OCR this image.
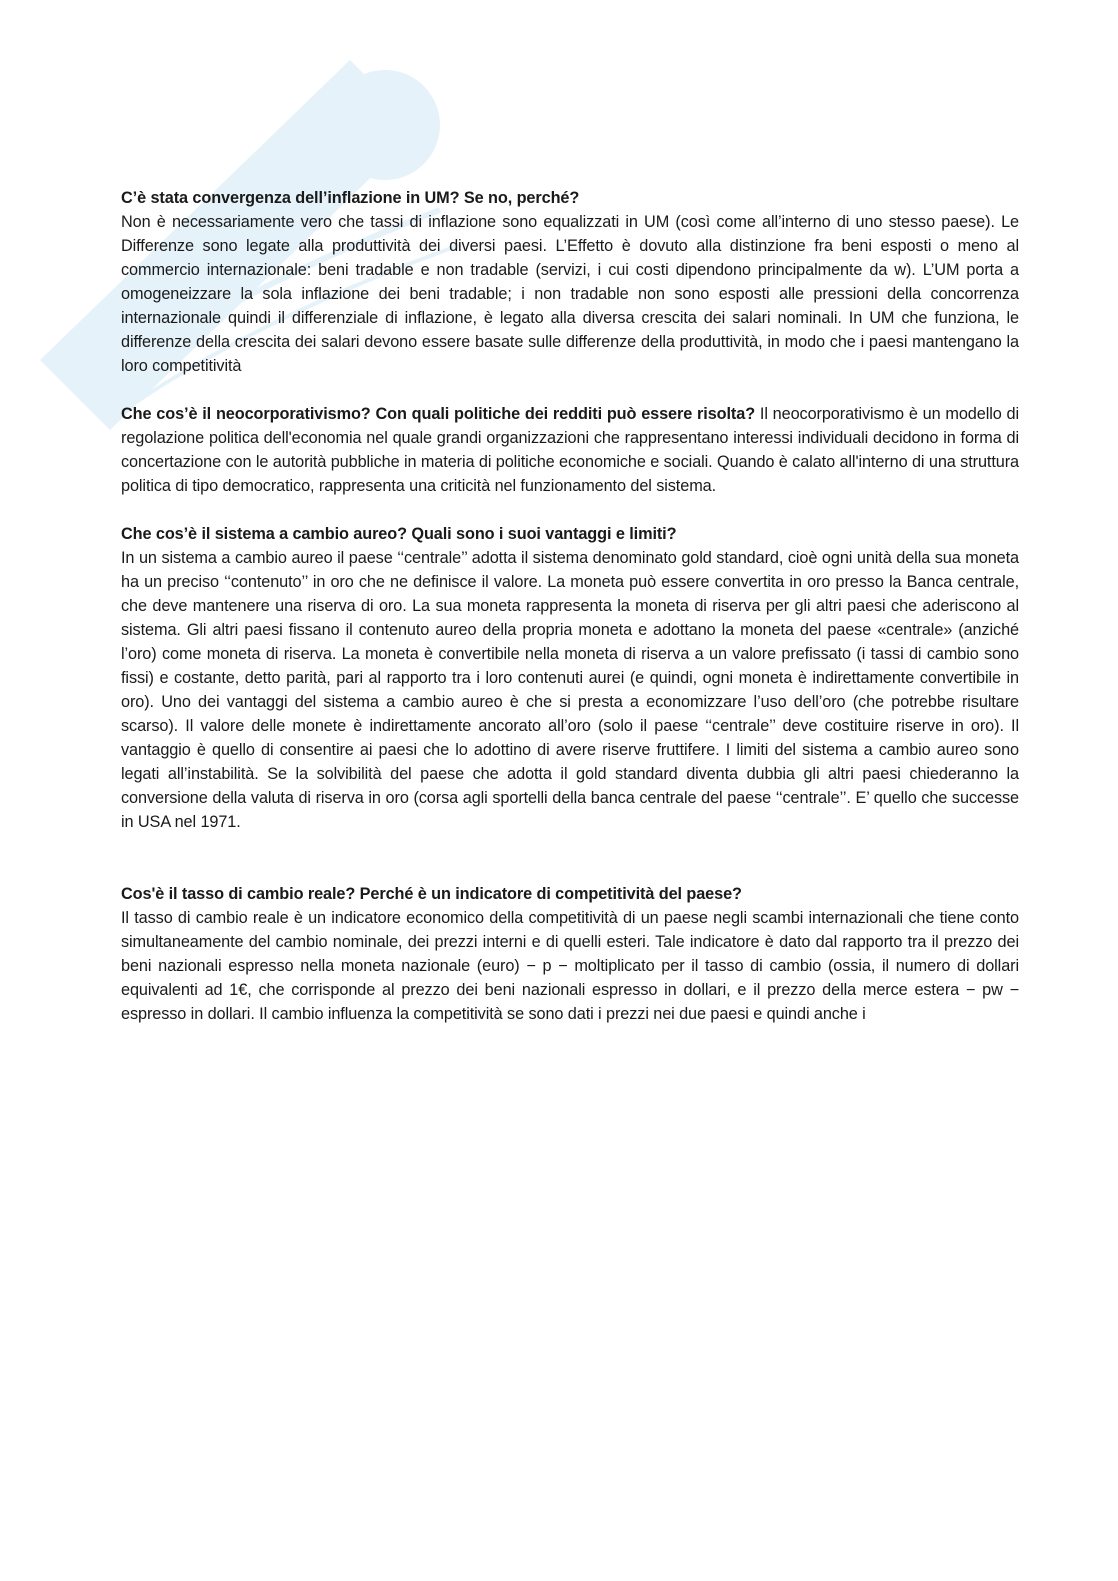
C’è stata convergenza dell’inflazione in UM? Se no, perché?

Non è necessariamente vero che tassi di inflazione sono equalizzati in UM (così come all’interno di uno stesso paese). Le Differenze sono legate alla produttività dei diversi paesi. L’Effetto è dovuto alla distinzione fra beni esposti o meno al commercio internazionale: beni tradable e non tradable (servizi, i cui costi dipendono principalmente da w). L’UM porta a omogeneizzare la sola inflazione dei beni tradable; i non tradable non sono esposti alle pressioni della concorrenza internazionale quindi il differenziale di inflazione, è legato alla diversa crescita dei salari nominali. In UM che funziona, le differenze della crescita dei salari devono essere basate sulle differenze della produttività, in modo che i paesi mantengano la loro competitività

Che cos’è il neocorporativismo? Con quali politiche dei redditi può essere risolta? Il neocorporativismo è un modello di regolazione politica dell'economia nel quale grandi organizzazioni che rappresentano interessi individuali decidono in forma di concertazione con le autorità pubbliche in materia di politiche economiche e sociali. Quando è calato all'interno di una struttura politica di tipo democratico, rappresenta una criticità nel funzionamento del sistema.

Che cos’è il sistema a cambio aureo? Quali sono i suoi vantaggi e limiti?

In un sistema a cambio aureo il paese ‘‘centrale’’ adotta il sistema denominato gold standard, cioè ogni unità della sua moneta ha un preciso ‘‘contenuto’’ in oro che ne definisce il valore. La moneta può essere convertita in oro presso la Banca centrale, che deve mantenere una riserva di oro. La sua moneta rappresenta la moneta di riserva per gli altri paesi che aderiscono al sistema. Gli altri paesi fissano il contenuto aureo della propria moneta e adottano la moneta del paese «centrale» (anziché l’oro) come moneta di riserva. La moneta è convertibile nella moneta di riserva a un valore prefissato (i tassi di cambio sono fissi) e costante, detto parità, pari al rapporto tra i loro contenuti aurei (e quindi, ogni moneta è indirettamente convertibile in oro). Uno dei vantaggi del sistema a cambio aureo è che si presta a economizzare l’uso dell’oro (che potrebbe risultare scarso). Il valore delle monete è indirettamente ancorato all’oro (solo il paese ‘‘centrale’’ deve costituire riserve in oro). Il vantaggio è quello di consentire ai paesi che lo adottino di avere riserve fruttifere. I limiti del sistema a cambio aureo sono legati all’instabilità. Se la solvibilità del paese che adotta il gold standard diventa dubbia gli altri paesi chiederanno la conversione della valuta di riserva in oro (corsa agli sportelli della banca centrale del paese ‘‘centrale’’. E’ quello che successe in USA nel 1971.

Cos'è il tasso di cambio reale? Perché è un indicatore di competitività del paese?

Il tasso di cambio reale è un indicatore economico della competitività di un paese negli scambi internazionali che tiene conto simultaneamente del cambio nominale, dei prezzi interni e di quelli esteri. Tale indicatore è dato dal rapporto tra il prezzo dei beni nazionali espresso nella moneta nazionale (euro) − p − moltiplicato per il tasso di cambio (ossia, il numero di dollari equivalenti ad 1€, che corrisponde al prezzo dei beni nazionali espresso in dollari, e il prezzo della merce estera − pw − espresso in dollari. Il cambio influenza la competitività se sono dati i prezzi nei due paesi e quindi anche i
